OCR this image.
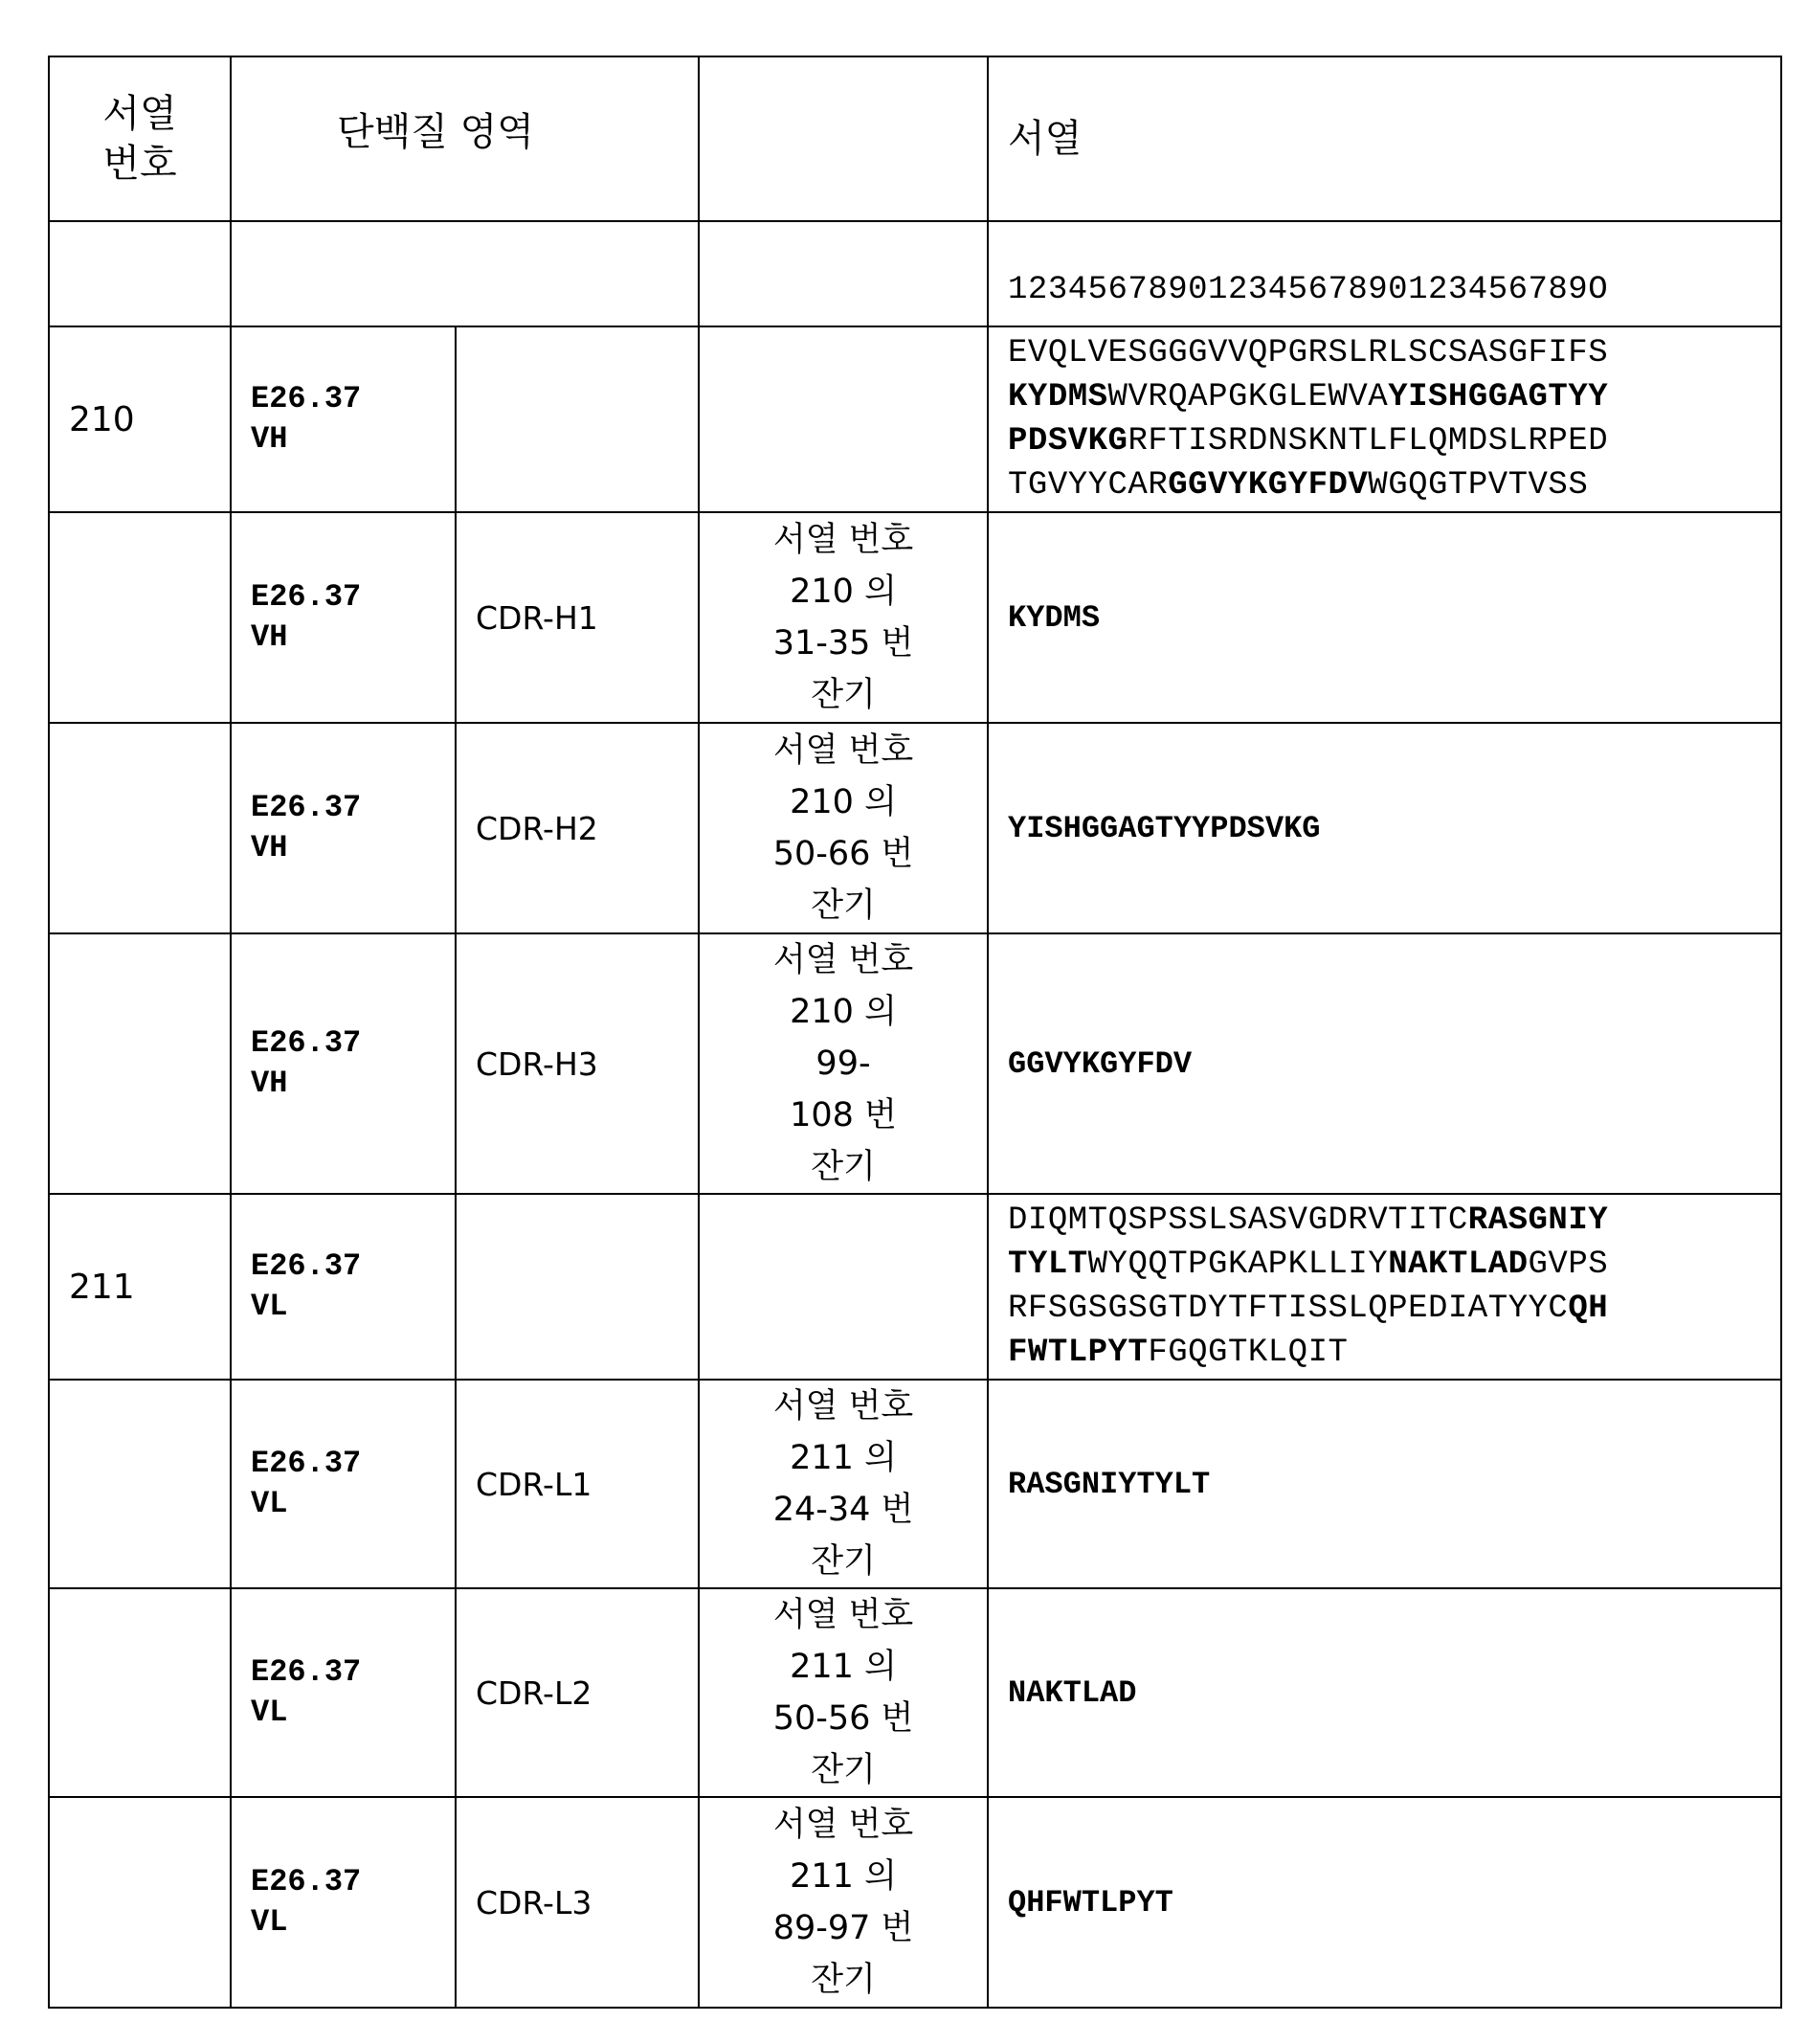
서열
번호	단백질 영역		서열
			12345678901234567890123456789O
210	E26.37
VH			
EVQLVESGGGVVQPGRSLRLSCSASGFIFS
KYDMSWVRQAPGKGLEWVAYISHGGAGTYY
PDSVKGRFTISRDNSKNTLFLQMDSLRPED
TGVYYCARGGVYKGYFDVWGQGTPVTVSS

	E26.37
VH	CDR-H1	서열 번호
210 의
31-35 번
잔기	KYDMS
	E26.37
VH	CDR-H2	서열 번호
210 의
50-66 번
잔기	YISHGGAGTYYPDSVKG
	E26.37
VH	CDR-H3	서열 번호
210 의
99-
108 번
잔기	GGVYKGYFDV
211	E26.37
VL			
DIQMTQSPSSLSASVGDRVTITCRASGNIY
TYLTWYQQTPGKAPKLLIYNAKTLADGVPS
RFSGSGSGTDYTFTISSLQPEDIATYYCQH
FWTLPYTFGQGTKLQIT

	E26.37
VL	CDR-L1	서열 번호
211 의
24-34 번
잔기	RASGNIYTYLT
	E26.37
VL	CDR-L2	서열 번호
211 의
50-56 번
잔기	NAKTLAD
	E26.37
VL	CDR-L3	서열 번호
211 의
89-97 번
잔기	QHFWTLPYT
